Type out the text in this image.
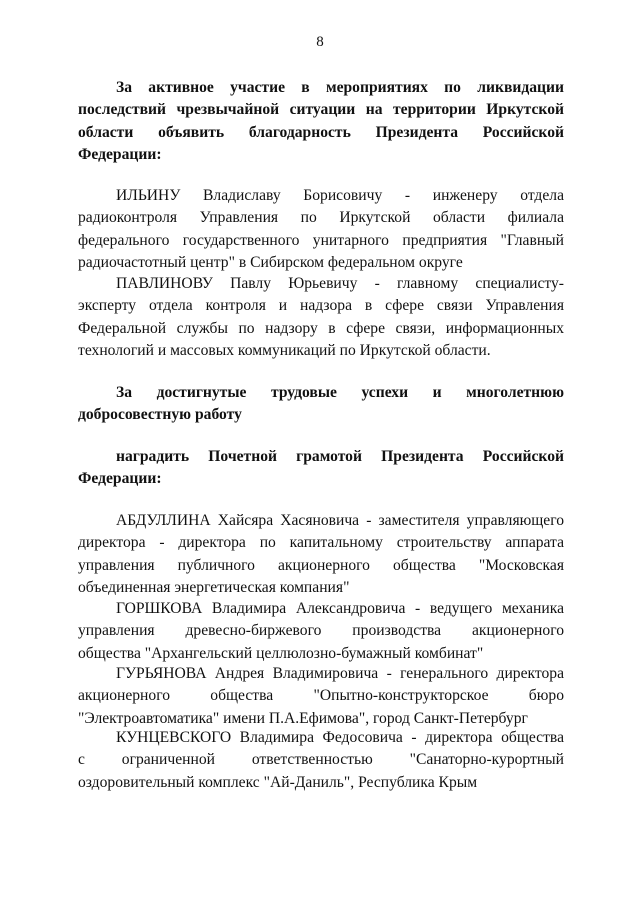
8
За активное участие в мероприятиях по ликвидации
последствий чрезвычайной ситуации на территории Иркутской
области объявить благодарность Президента Российской
Федерации:
ИЛЬИНУ Владиславу Борисовичу - инженеру отдела
радиоконтроля Управления по Иркутской области филиала
федерального государственного унитарного предприятия "Главный
радиочастотный центр" в Сибирском федеральном округе
ПАВЛИНОВУ Павлу Юрьевичу - главному специалисту-
эксперту отдела контроля и надзора в сфере связи Управления
Федеральной службы по надзору в сфере связи, информационных
технологий и массовых коммуникаций по Иркутской области.
За достигнутые трудовые успехи и многолетнюю
добросовестную работу
наградить Почетной грамотой Президента Российской
Федерации:
АБДУЛЛИНА Хайсяра Хасяновича - заместителя управляющего
директора - директора по капитальному строительству аппарата
управления публичного акционерного общества "Московская
объединенная энергетическая компания"
ГОРШКОВА Владимира Александровича - ведущего механика
управления древесно-биржевого производства акционерного
общества "Архангельский целлюлозно-бумажный комбинат"
ГУРЬЯНОВА Андрея Владимировича - генерального директора
акционерного общества "Опытно-конструкторское бюро
"Электроавтоматика" имени П.А.Ефимова", город Санкт-Петербург
КУНЦЕВСКОГО Владимира Федосовича - директора общества
с ограниченной ответственностью "Санаторно-курортный
оздоровительный комплекс "Ай-Даниль", Республика Крым
